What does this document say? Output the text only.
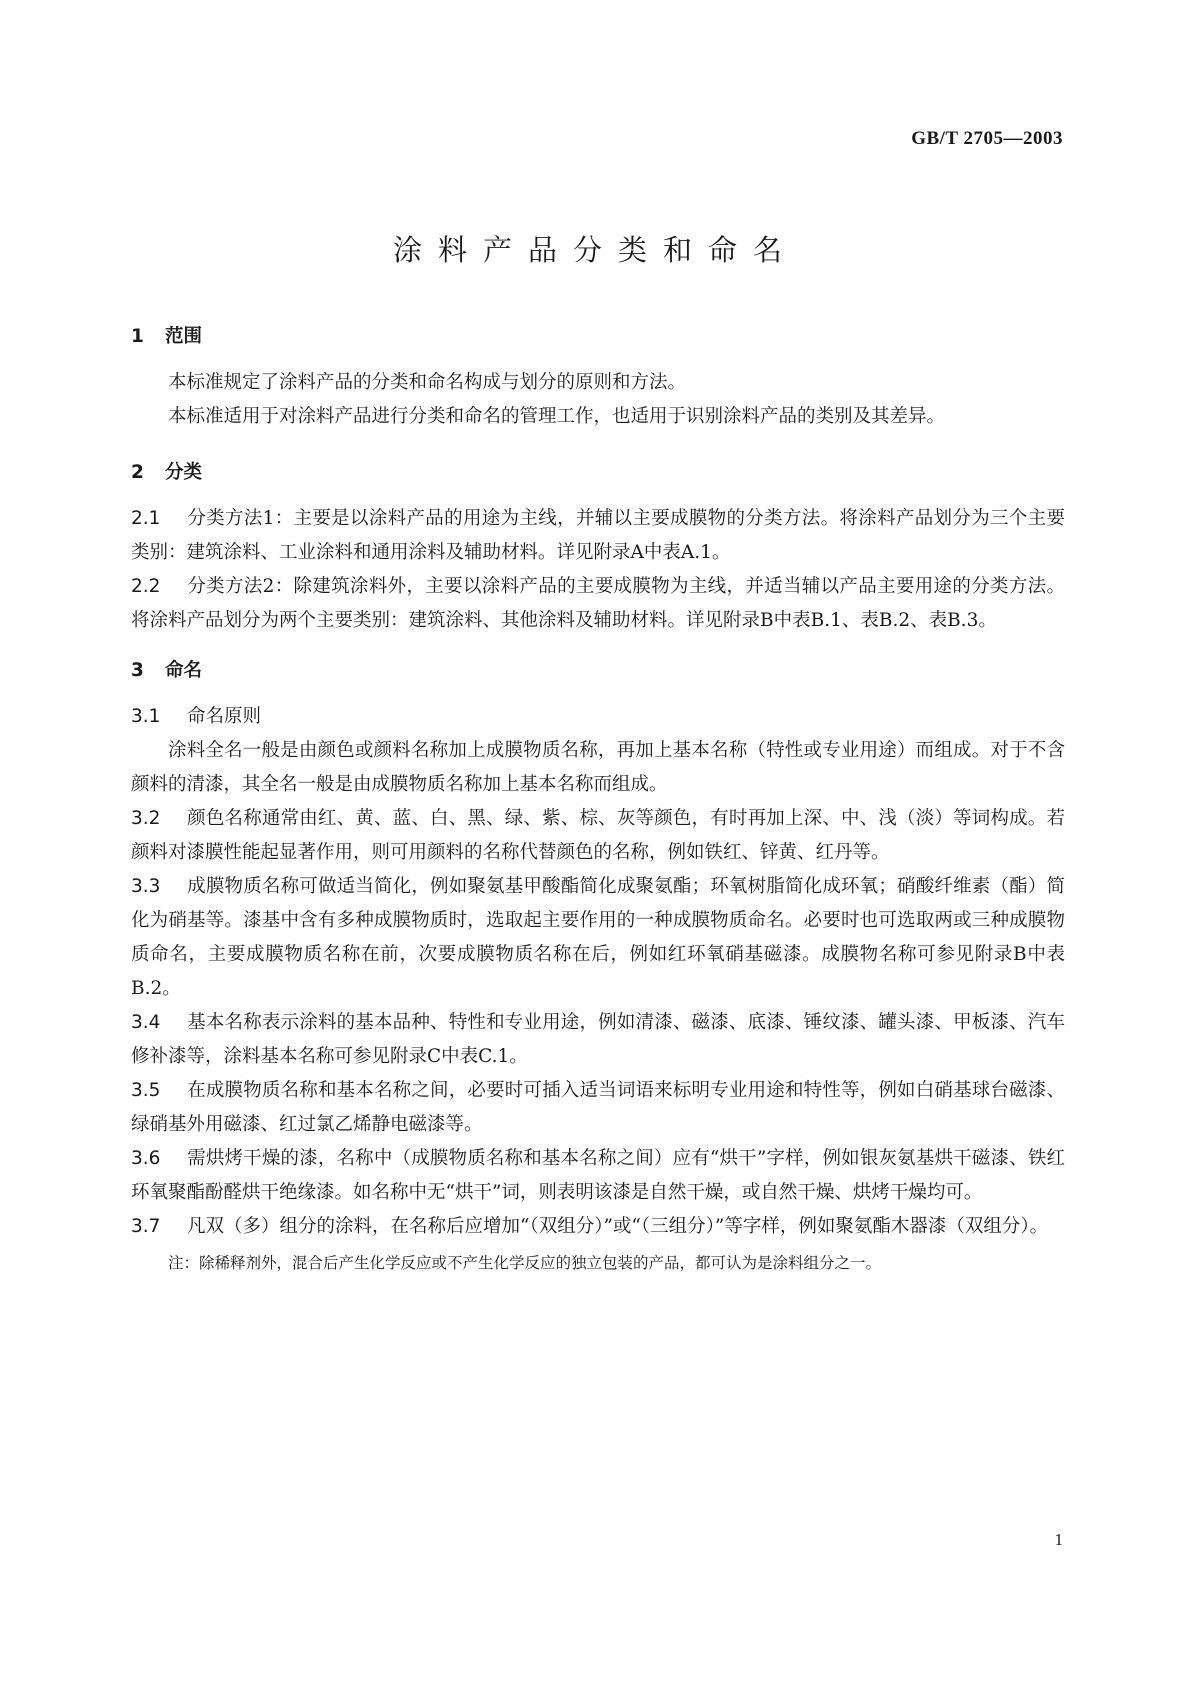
GB/T 2705—2003
涂料产品分类和命名
1 范围

本标准规定了涂料产品的分类和命名构成与划分的原则和方法。

本标准适用于对涂料产品进行分类和命名的管理工作，也适用于识别涂料产品的类别及其差异。

2 分类

2.1 分类方法1：主要是以涂料产品的用途为主线，并辅以主要成膜物的分类方法。将涂料产品划分为三个主要类别：建筑涂料、工业涂料和通用涂料及辅助材料。详见附录A中表A.1。

2.2 分类方法2：除建筑涂料外，主要以涂料产品的主要成膜物为主线，并适当辅以产品主要用途的分类方法。将涂料产品划分为两个主要类别：建筑涂料、其他涂料及辅助材料。详见附录B中表B.1、表B.2、表B.3。

3 命名

3.1 命名原则

涂料全名一般是由颜色或颜料名称加上成膜物质名称，再加上基本名称（特性或专业用途）而组成。对于不含颜料的清漆，其全名一般是由成膜物质名称加上基本名称而组成。

3.2 颜色名称通常由红、黄、蓝、白、黑、绿、紫、棕、灰等颜色，有时再加上深、中、浅（淡）等词构成。若颜料对漆膜性能起显著作用，则可用颜料的名称代替颜色的名称，例如铁红、锌黄、红丹等。

3.3 成膜物质名称可做适当简化，例如聚氨基甲酸酯简化成聚氨酯；环氧树脂简化成环氧；硝酸纤维素（酯）简化为硝基等。漆基中含有多种成膜物质时，选取起主要作用的一种成膜物质命名。必要时也可选取两或三种成膜物质命名，主要成膜物质名称在前，次要成膜物质名称在后，例如红环氧硝基磁漆。成膜物名称可参见附录B中表B.2。

3.4 基本名称表示涂料的基本品种、特性和专业用途，例如清漆、磁漆、底漆、锤纹漆、罐头漆、甲板漆、汽车修补漆等，涂料基本名称可参见附录C中表C.1。

3.5 在成膜物质名称和基本名称之间，必要时可插入适当词语来标明专业用途和特性等，例如白硝基球台磁漆、绿硝基外用磁漆、红过氯乙烯静电磁漆等。

3.6 需烘烤干燥的漆，名称中（成膜物质名称和基本名称之间）应有“烘干”字样，例如银灰氨基烘干磁漆、铁红环氧聚酯酚醛烘干绝缘漆。如名称中无“烘干”词，则表明该漆是自然干燥，或自然干燥、烘烤干燥均可。

3.7 凡双（多）组分的涂料，在名称后应增加“（双组分）”或“（三组分）”等字样，例如聚氨酯木器漆（双组分）。

注：除稀释剂外，混合后产生化学反应或不产生化学反应的独立包装的产品，都可认为是涂料组分之一。

1
